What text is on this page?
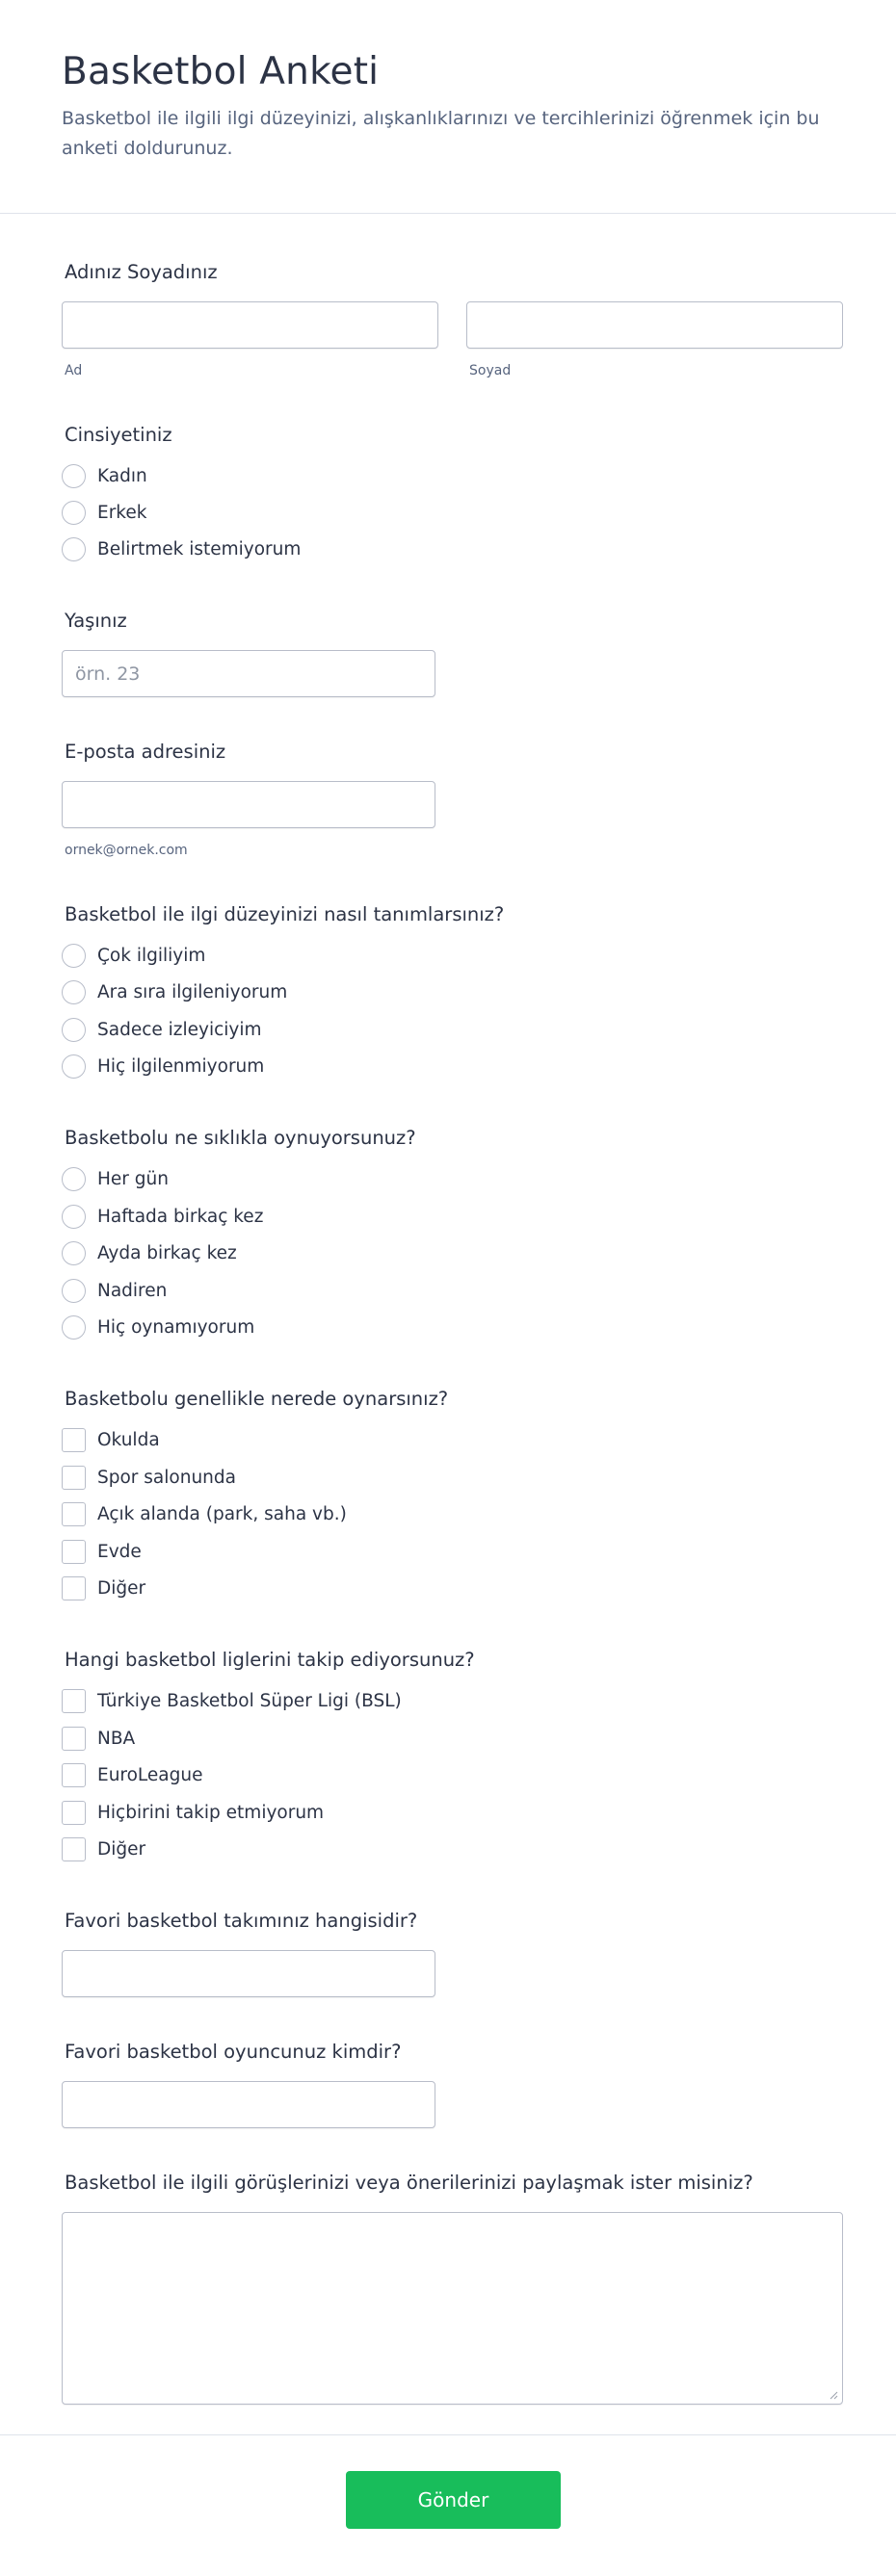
Basketbol Anketi
Basketbol ile ilgili ilgi düzeyinizi, alışkanlıklarınızı ve tercihlerinizi öğrenmek için bu anketi doldurunuz.
Adınız Soyadınız
Ad	Soyad
Cinsiyetiniz
Kadın
Erkek
Belirtmek istemiyorum
Yaşınız
örn. 23
E-posta adresiniz
ornek@ornek.com
Basketbol ile ilgi düzeyinizi nasıl tanımlarsınız?
Çok ilgiliyim
Ara sıra ilgileniyorum
Sadece izleyiciyim
Hiç ilgilenmiyorum
Basketbolu ne sıklıkla oynuyorsunuz?
Her gün
Haftada birkaç kez
Ayda birkaç kez
Nadiren
Hiç oynamıyorum
Basketbolu genellikle nerede oynarsınız?
Okulda
Spor salonunda
Açık alanda (park, saha vb.)
Evde
Diğer
Hangi basketbol liglerini takip ediyorsunuz?
Türkiye Basketbol Süper Ligi (BSL)
NBA
EuroLeague
Hiçbirini takip etmiyorum
Diğer
Favori basketbol takımınız hangisidir?
Favori basketbol oyuncunuz kimdir?
Basketbol ile ilgili görüşlerinizi veya önerilerinizi paylaşmak ister misiniz?
Gönder
